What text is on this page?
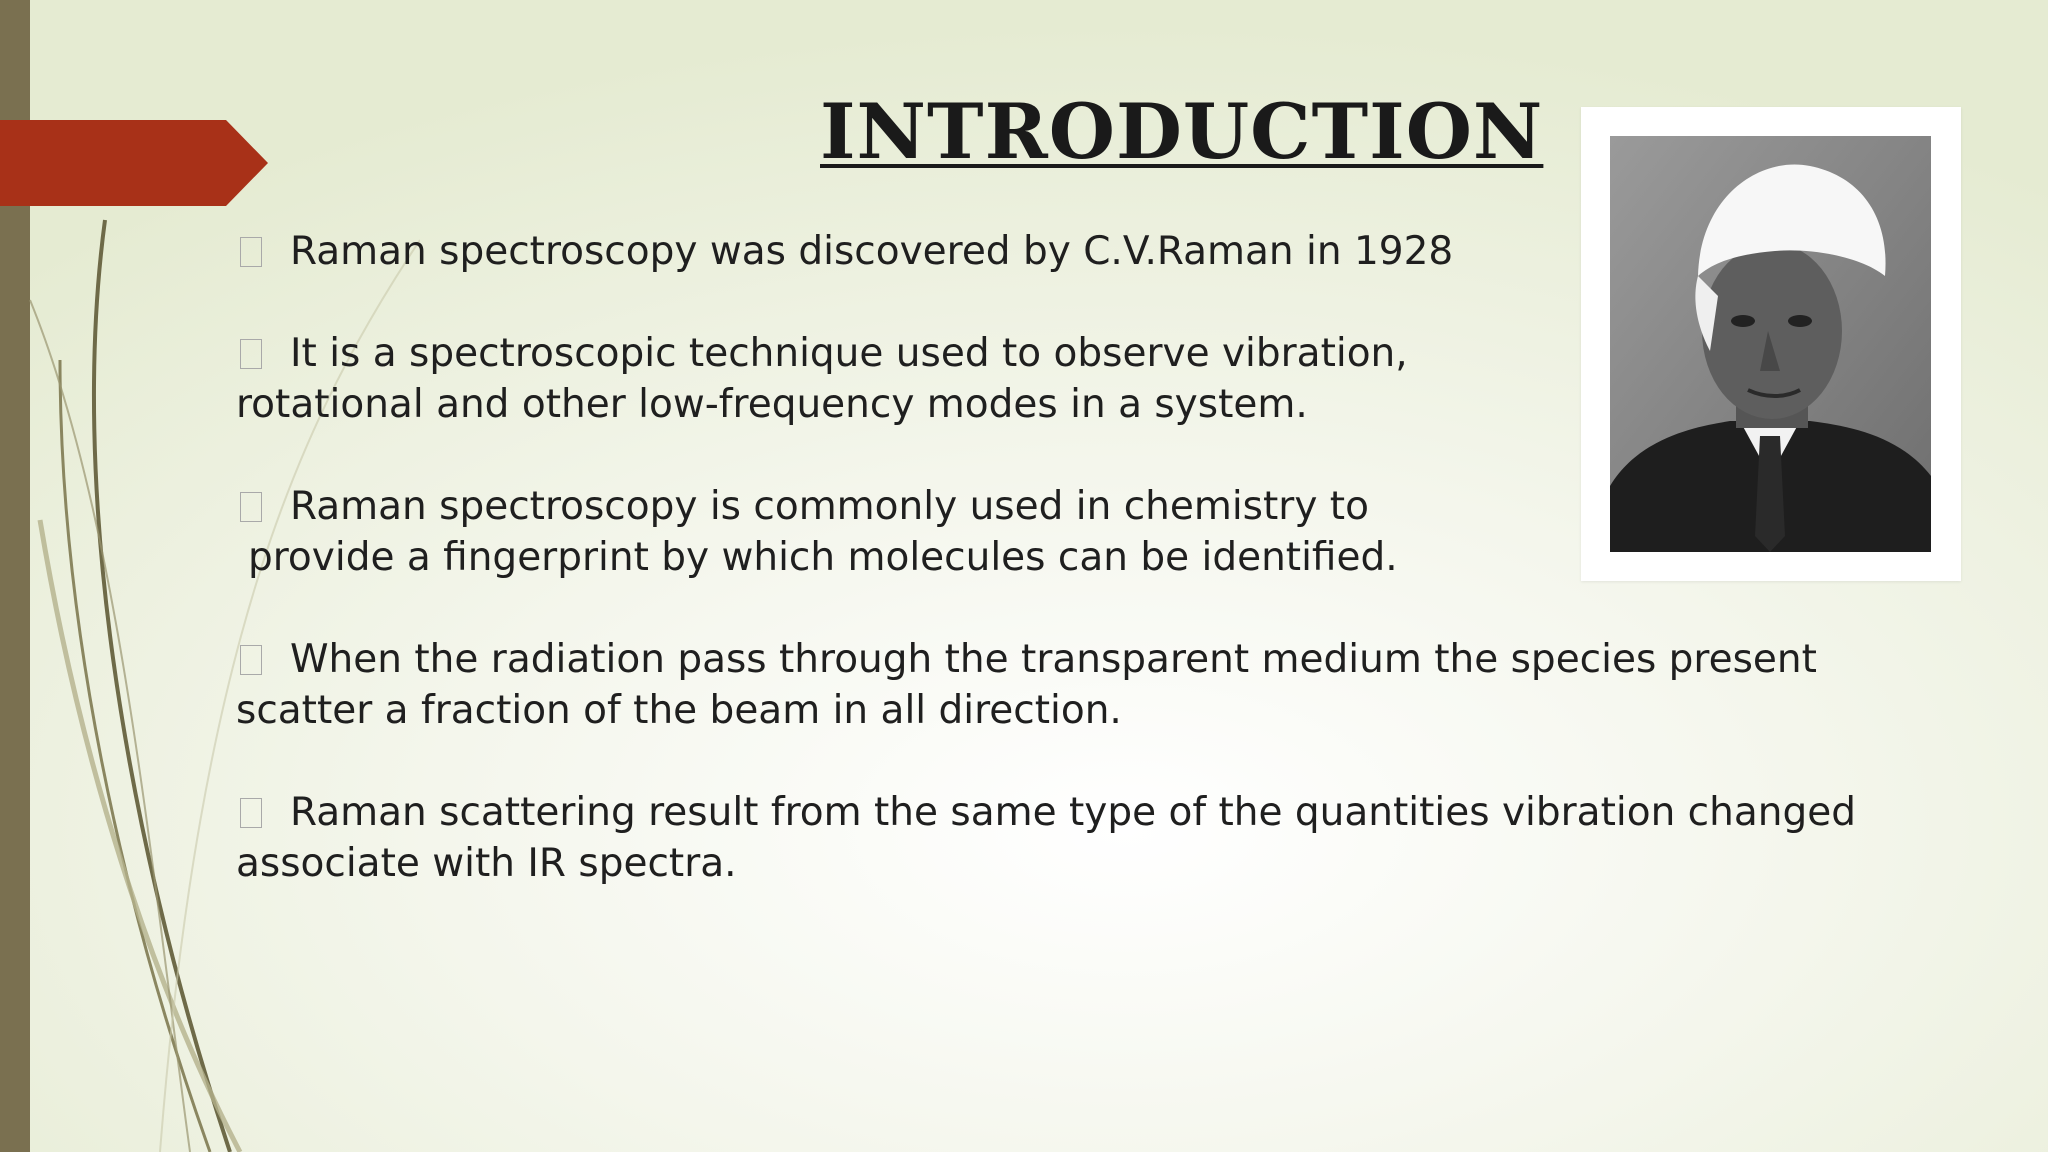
INTRODUCTION
Raman spectroscopy was discovered by C.V.Raman in 1928
It is a spectroscopic technique used to observe vibration,
rotational and other low-frequency modes in a system.
Raman spectroscopy is commonly used in chemistry to
provide a fingerprint by which molecules can be identified.
When the radiation pass through the transparent medium the species present
scatter a fraction of the beam in all direction.
Raman scattering result from the same type of the quantities vibration changed
associate with IR spectra.
